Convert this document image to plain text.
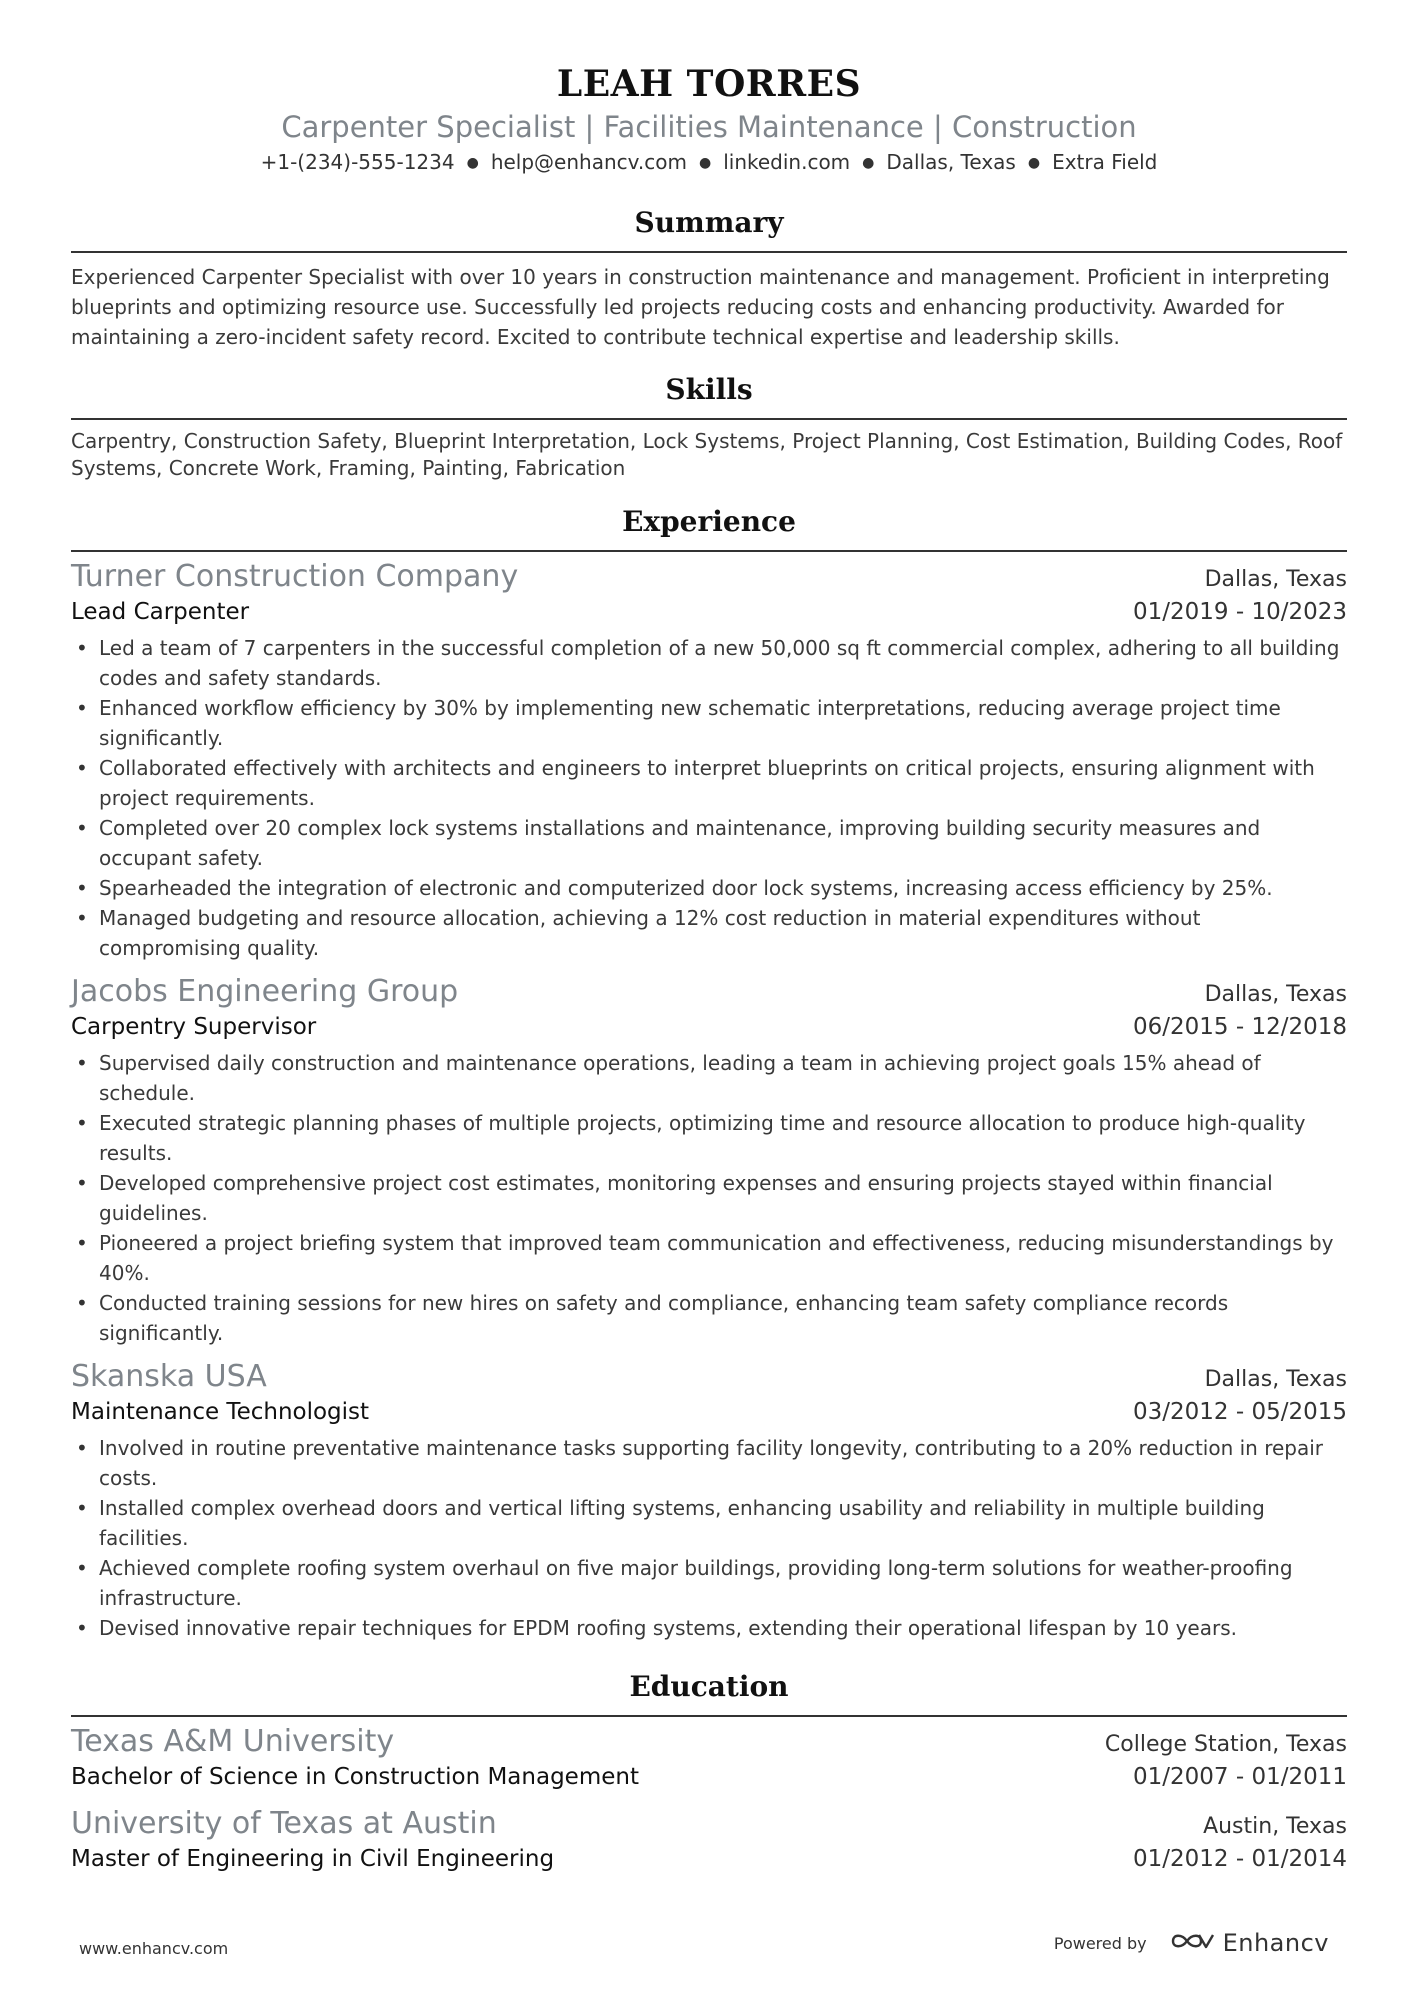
LEAH TORRES
Carpenter Specialist | Facilities Maintenance | Construction
+1-(234)-555-1234 ● help@enhancv.com ● linkedin.com ● Dallas, Texas ● Extra Field
Summary
Experienced Carpenter Specialist with over 10 years in construction maintenance and management. Proficient in interpreting blueprints and optimizing resource use. Successfully led projects reducing costs and enhancing productivity. Awarded for maintaining a zero-incident safety record. Excited to contribute technical expertise and leadership skills.
Skills
Carpentry, Construction Safety, Blueprint Interpretation, Lock Systems, Project Planning, Cost Estimation, Building Codes, Roof Systems, Concrete Work, Framing, Painting, Fabrication
Experience
Turner Construction Company	Dallas, Texas
Lead Carpenter	01/2019 - 10/2023
• Led a team of 7 carpenters in the successful completion of a new 50,000 sq ft commercial complex, adhering to all building codes and safety standards.
• Enhanced workflow efficiency by 30% by implementing new schematic interpretations, reducing average project time significantly.
• Collaborated effectively with architects and engineers to interpret blueprints on critical projects, ensuring alignment with project requirements.
• Completed over 20 complex lock systems installations and maintenance, improving building security measures and occupant safety.
• Spearheaded the integration of electronic and computerized door lock systems, increasing access efficiency by 25%.
• Managed budgeting and resource allocation, achieving a 12% cost reduction in material expenditures without compromising quality.
Jacobs Engineering Group	Dallas, Texas
Carpentry Supervisor	06/2015 - 12/2018
• Supervised daily construction and maintenance operations, leading a team in achieving project goals 15% ahead of schedule.
• Executed strategic planning phases of multiple projects, optimizing time and resource allocation to produce high-quality results.
• Developed comprehensive project cost estimates, monitoring expenses and ensuring projects stayed within financial guidelines.
• Pioneered a project briefing system that improved team communication and effectiveness, reducing misunderstandings by 40%.
• Conducted training sessions for new hires on safety and compliance, enhancing team safety compliance records significantly.
Skanska USA	Dallas, Texas
Maintenance Technologist	03/2012 - 05/2015
• Involved in routine preventative maintenance tasks supporting facility longevity, contributing to a 20% reduction in repair costs.
• Installed complex overhead doors and vertical lifting systems, enhancing usability and reliability in multiple building facilities.
• Achieved complete roofing system overhaul on five major buildings, providing long-term solutions for weather-proofing infrastructure.
• Devised innovative repair techniques for EPDM roofing systems, extending their operational lifespan by 10 years.
Education
Texas A&M University	College Station, Texas
Bachelor of Science in Construction Management	01/2007 - 01/2011
University of Texas at Austin	Austin, Texas
Master of Engineering in Civil Engineering	01/2012 - 01/2014
www.enhancv.com	Powered by	Enhancv
